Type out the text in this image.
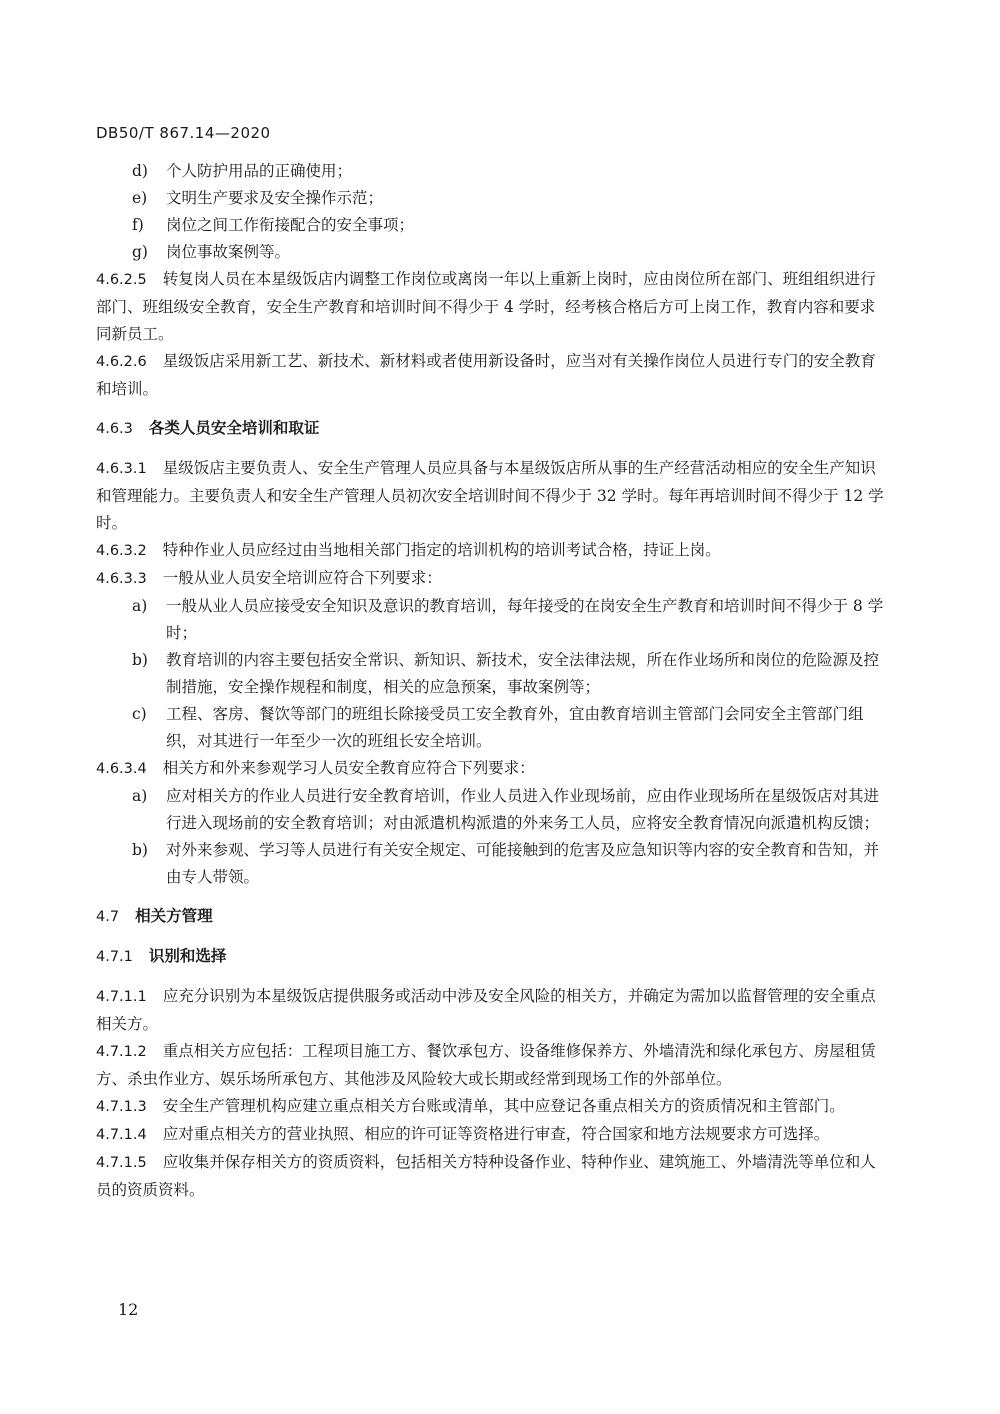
DB50/T 867.14—2020

d) 个人防护用品的正确使用；

e) 文明生产要求及安全操作示范；

f) 岗位之间工作衔接配合的安全事项；

g) 岗位事故案例等。

4.6.2.5 转复岗人员在本星级饭店内调整工作岗位或离岗一年以上重新上岗时，应由岗位所在部门、班组组织进行部门、班组级安全教育，安全生产教育和培训时间不得少于 4 学时，经考核合格后方可上岗工作，教育内容和要求同新员工。

4.6.2.6 星级饭店采用新工艺、新技术、新材料或者使用新设备时，应当对有关操作岗位人员进行专门的安全教育和培训。

4.6.3 各类人员安全培训和取证

4.6.3.1 星级饭店主要负责人、安全生产管理人员应具备与本星级饭店所从事的生产经营活动相应的安全生产知识和管理能力。主要负责人和安全生产管理人员初次安全培训时间不得少于 32 学时。每年再培训时间不得少于 12 学时。

4.6.3.2 特种作业人员应经过由当地相关部门指定的培训机构的培训考试合格，持证上岗。

4.6.3.3 一般从业人员安全培训应符合下列要求：

a) 一般从业人员应接受安全知识及意识的教育培训，每年接受的在岗安全生产教育和培训时间不得少于 8 学时；

b) 教育培训的内容主要包括安全常识、新知识、新技术，安全法律法规，所在作业场所和岗位的危险源及控制措施，安全操作规程和制度，相关的应急预案，事故案例等；

c) 工程、客房、餐饮等部门的班组长除接受员工安全教育外，宜由教育培训主管部门会同安全主管部门组织，对其进行一年至少一次的班组长安全培训。

4.6.3.4 相关方和外来参观学习人员安全教育应符合下列要求：

a) 应对相关方的作业人员进行安全教育培训，作业人员进入作业现场前，应由作业现场所在星级饭店对其进行进入现场前的安全教育培训；对由派遣机构派遣的外来务工人员，应将安全教育情况向派遣机构反馈；

b) 对外来参观、学习等人员进行有关安全规定、可能接触到的危害及应急知识等内容的安全教育和告知，并由专人带领。

4.7 相关方管理
4.7.1 识别和选择

4.7.1.1 应充分识别为本星级饭店提供服务或活动中涉及安全风险的相关方，并确定为需加以监督管理的安全重点相关方。

4.7.1.2 重点相关方应包括：工程项目施工方、餐饮承包方、设备维修保养方、外墙清洗和绿化承包方、房屋租赁方、杀虫作业方、娱乐场所承包方、其他涉及风险较大或长期或经常到现场工作的外部单位。

4.7.1.3 安全生产管理机构应建立重点相关方台账或清单，其中应登记各重点相关方的资质情况和主管部门。

4.7.1.4 应对重点相关方的营业执照、相应的许可证等资格进行审查，符合国家和地方法规要求方可选择。

4.7.1.5 应收集并保存相关方的资质资料，包括相关方特种设备作业、特种作业、建筑施工、外墙清洗等单位和人员的资质资料。

12
